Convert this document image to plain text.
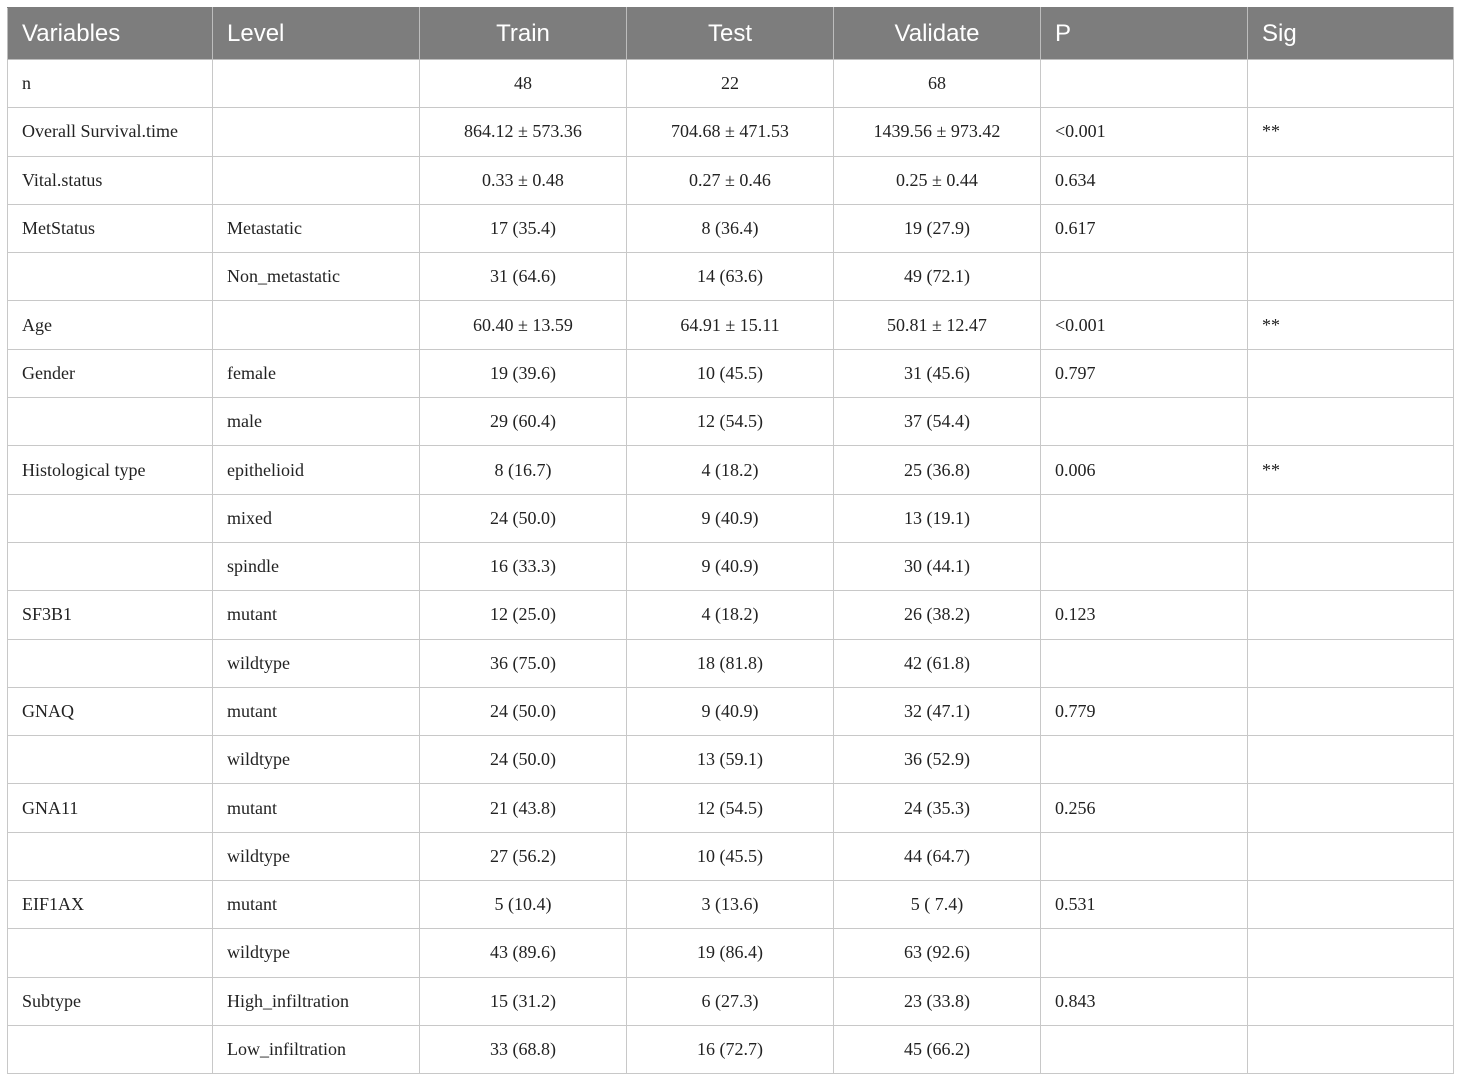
Variables	Level	Train	Test	Validate	P	Sig
n		48	22	68		
Overall Survival.time		864.12 ± 573.36	704.68 ± 471.53	1439.56 ± 973.42	<0.001	**
Vital.status		0.33 ± 0.48	0.27 ± 0.46	0.25 ± 0.44	0.634	
MetStatus	Metastatic	17 (35.4)	8 (36.4)	19 (27.9)	0.617	
	Non_metastatic	31 (64.6)	14 (63.6)	49 (72.1)		
Age		60.40 ± 13.59	64.91 ± 15.11	50.81 ± 12.47	<0.001	**
Gender	female	19 (39.6)	10 (45.5)	31 (45.6)	0.797	
	male	29 (60.4)	12 (54.5)	37 (54.4)		
Histological type	epithelioid	8 (16.7)	4 (18.2)	25 (36.8)	0.006	**
	mixed	24 (50.0)	9 (40.9)	13 (19.1)		
	spindle	16 (33.3)	9 (40.9)	30 (44.1)		
SF3B1	mutant	12 (25.0)	4 (18.2)	26 (38.2)	0.123	
	wildtype	36 (75.0)	18 (81.8)	42 (61.8)		
GNAQ	mutant	24 (50.0)	9 (40.9)	32 (47.1)	0.779	
	wildtype	24 (50.0)	13 (59.1)	36 (52.9)		
GNA11	mutant	21 (43.8)	12 (54.5)	24 (35.3)	0.256	
	wildtype	27 (56.2)	10 (45.5)	44 (64.7)		
EIF1AX	mutant	5 (10.4)	3 (13.6)	5 ( 7.4)	0.531	
	wildtype	43 (89.6)	19 (86.4)	63 (92.6)		
Subtype	High_infiltration	15 (31.2)	6 (27.3)	23 (33.8)	0.843	
	Low_infiltration	33 (68.8)	16 (72.7)	45 (66.2)		
